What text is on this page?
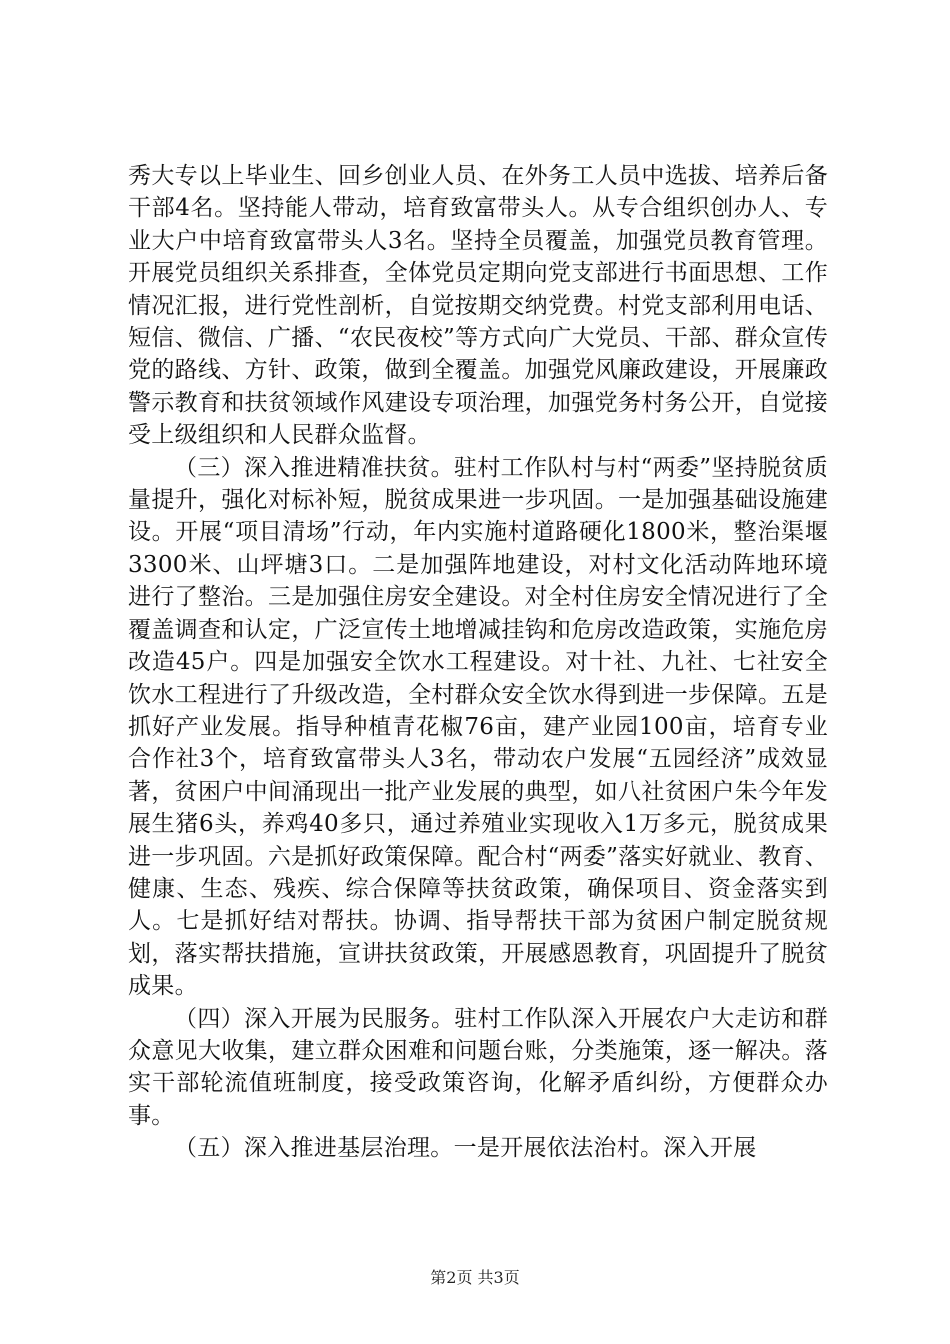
秀大专以上毕业生、回乡创业人员、在外务工人员中选拔、培养后备干部4名。坚持能人带动，培育致富带头人。从专合组织创办人、专业大户中培育致富带头人3名。坚持全员覆盖，加强党员教育管理。开展党员组织关系排查，全体党员定期向党支部进行书面思想、工作情况汇报，进行党性剖析，自觉按期交纳党费。村党支部利用电话、短信、微信、广播、“农民夜校”等方式向广大党员、干部、群众宣传党的路线、方针、政策，做到全覆盖。加强党风廉政建设，开展廉政警示教育和扶贫领域作风建设专项治理，加强党务村务公开，自觉接受上级组织和人民群众监督。

（三）深入推进精准扶贫。驻村工作队村与村“两委”坚持脱贫质量提升，强化对标补短，脱贫成果进一步巩固。一是加强基础设施建设。开展“项目清场”行动，年内实施村道路硬化1800米，整治渠堰3300米、山坪塘3口。二是加强阵地建设，对村文化活动阵地环境进行了整治。三是加强住房安全建设。对全村住房安全情况进行了全覆盖调查和认定，广泛宣传土地增减挂钩和危房改造政策，实施危房改造45户。四是加强安全饮水工程建设。对十社、九社、七社安全饮水工程进行了升级改造，全村群众安全饮水得到进一步保障。五是抓好产业发展。指导种植青花椒76亩，建产业园100亩，培育专业合作社3个，培育致富带头人3名，带动农户发展“五园经济”成效显著，贫困户中间涌现出一批产业发展的典型，如八社贫困户朱今年发展生猪6头，养鸡40多只，通过养殖业实现收入1万多元，脱贫成果进一步巩固。六是抓好政策保障。配合村“两委”落实好就业、教育、健康、生态、残疾、综合保障等扶贫政策，确保项目、资金落实到人。七是抓好结对帮扶。协调、指导帮扶干部为贫困户制定脱贫规划，落实帮扶措施，宣讲扶贫政策，开展感恩教育，巩固提升了脱贫成果。

（四）深入开展为民服务。驻村工作队深入开展农户大走访和群众意见大收集，建立群众困难和问题台账，分类施策，逐一解决。落实干部轮流值班制度，接受政策咨询，化解矛盾纠纷，方便群众办事。

（五）深入推进基层治理。一是开展依法治村。深入开展

第2页 共3页
